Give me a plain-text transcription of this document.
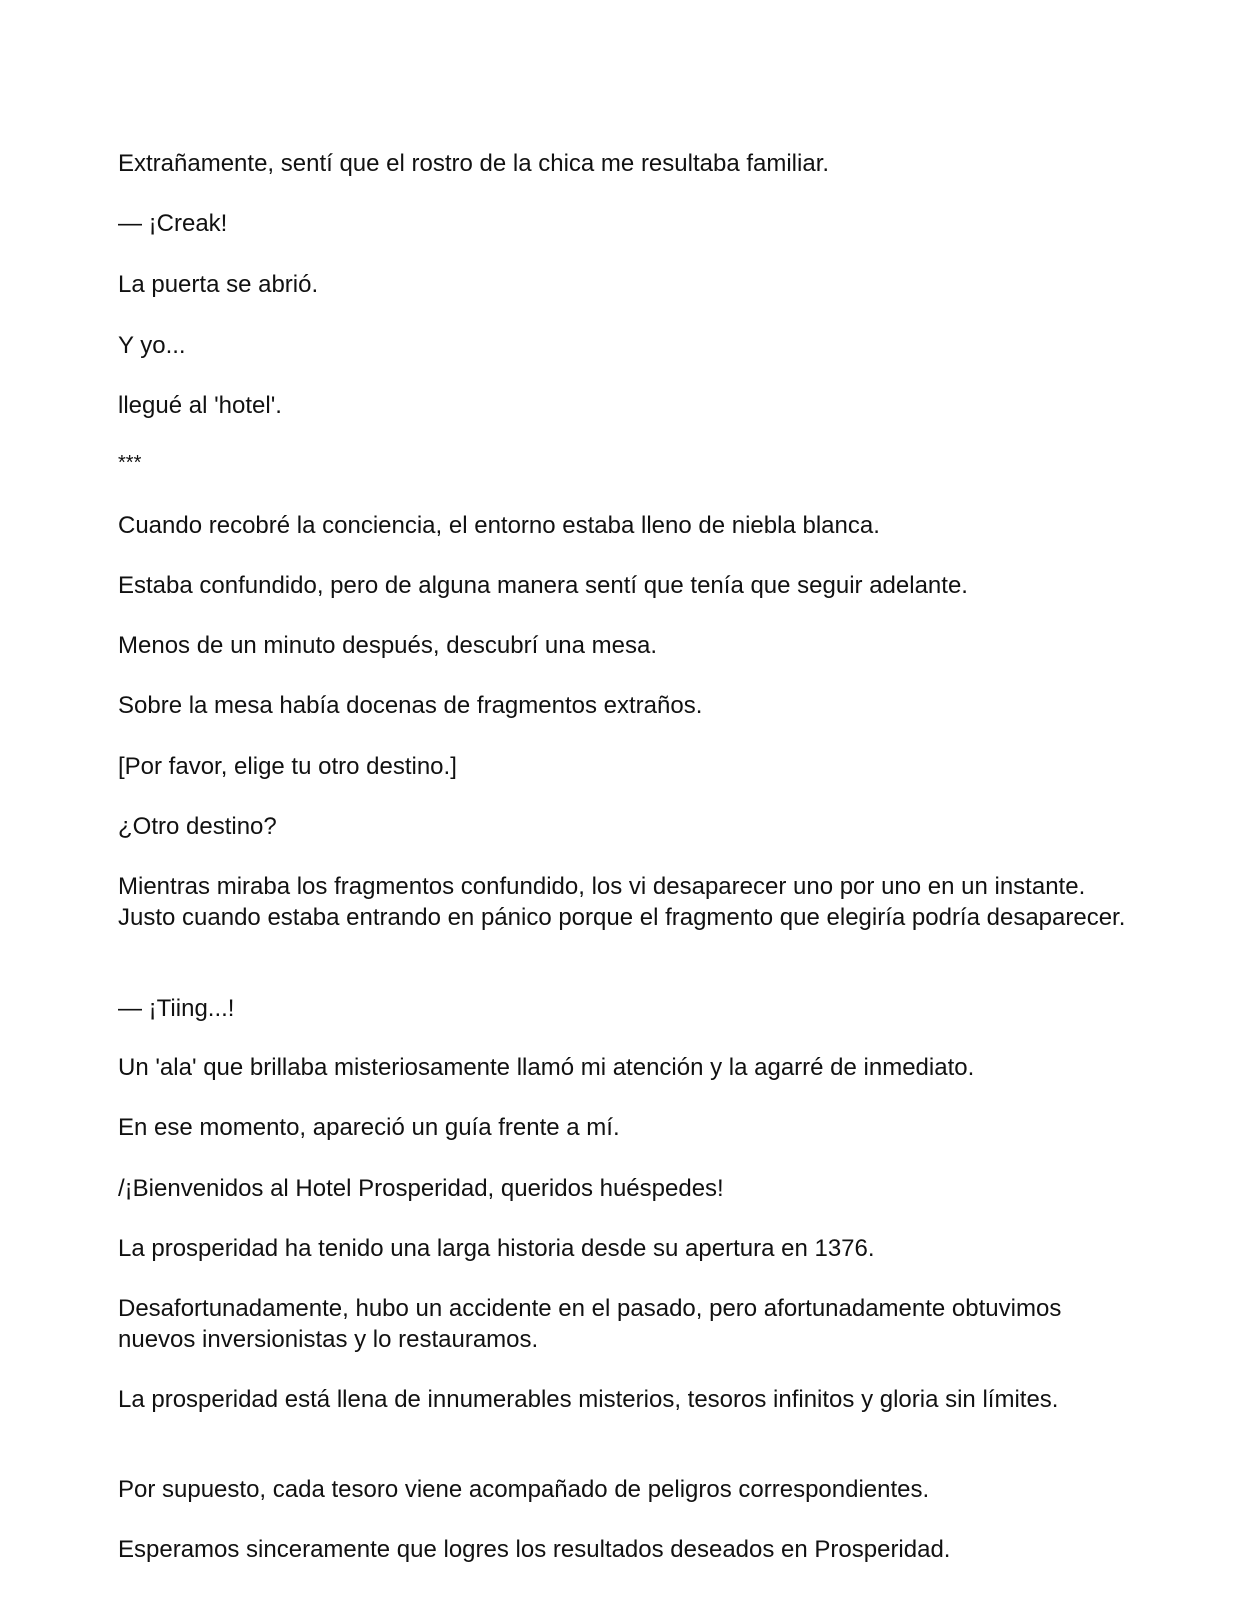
Extrañamente, sentí que el rostro de la chica me resultaba familiar.

— ¡Creak!

La puerta se abrió.

Y yo...

llegué al 'hotel'.

***

Cuando recobré la conciencia, el entorno estaba lleno de niebla blanca.

Estaba confundido, pero de alguna manera sentí que tenía que seguir adelante.

Menos de un minuto después, descubrí una mesa.

Sobre la mesa había docenas de fragmentos extraños.

[Por favor, elige tu otro destino.]

¿Otro destino?

Mientras miraba los fragmentos confundido, los vi desaparecer uno por uno en un instante. Justo cuando estaba entrando en pánico porque el fragmento que elegiría podría desaparecer.

— ¡Tiing...!

Un 'ala' que brillaba misteriosamente llamó mi atención y la agarré de inmediato.

En ese momento, apareció un guía frente a mí.

/¡Bienvenidos al Hotel Prosperidad, queridos huéspedes!

La prosperidad ha tenido una larga historia desde su apertura en 1376.

Desafortunadamente, hubo un accidente en el pasado, pero afortunadamente obtuvimos nuevos inversionistas y lo restauramos.

La prosperidad está llena de innumerables misterios, tesoros infinitos y gloria sin límites.

Por supuesto, cada tesoro viene acompañado de peligros correspondientes.

Esperamos sinceramente que logres los resultados deseados en Prosperidad.
